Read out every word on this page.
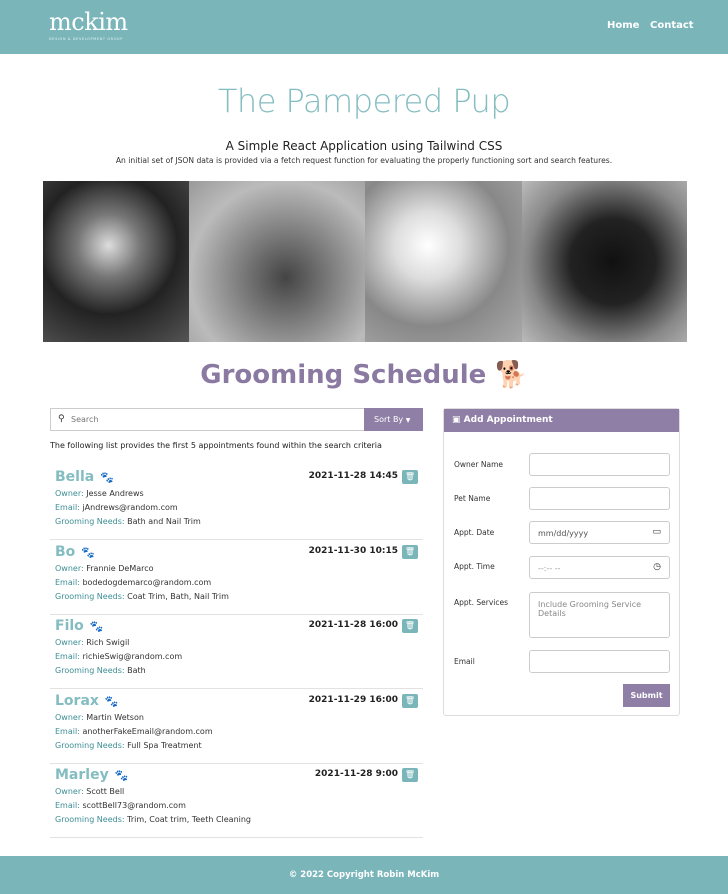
mckim
DESIGN & DEVELOPMENT GROUP
Home Contact
The Pampered Pup
A Simple React Application using Tailwind CSS
An initial set of JSON data is provided via a fetch request function for evaluating the properly functioning sort and search features.
Grooming Schedule 🐕
⚲ Search	Sort By ▼
The following list provides the first 5 appointments found within the search criteria
Bella 🐾	2021-11-28 14:45 🗑
Owner: Jesse Andrews
Email: jAndrews@random.com
Grooming Needs: Bath and Nail Trim
Bo 🐾	2021-11-30 10:15 🗑
Owner: Frannie DeMarco
Email: bodedogdemarco@random.com
Grooming Needs: Coat Trim, Bath, Nail Trim
Filo 🐾	2021-11-28 16:00 🗑
Owner: Rich Swigil
Email: richieSwig@random.com
Grooming Needs: Bath
Lorax 🐾	2021-11-29 16:00 🗑
Owner: Martin Wetson
Email: anotherFakeEmail@random.com
Grooming Needs: Full Spa Treatment
Marley 🐾	2021-11-28 9:00 🗑
Owner: Scott Bell
Email: scottBell73@random.com
Grooming Needs: Trim, Coat trim, Teeth Cleaning
▣ Add Appointment
Owner Name
Pet Name
Appt. Date	mm/dd/yyyy	▭
Appt. Time	--:-- --	◷
Appt. Services	Include Grooming Service Details
Email
Submit
© 2022 Copyright Robin McKim
